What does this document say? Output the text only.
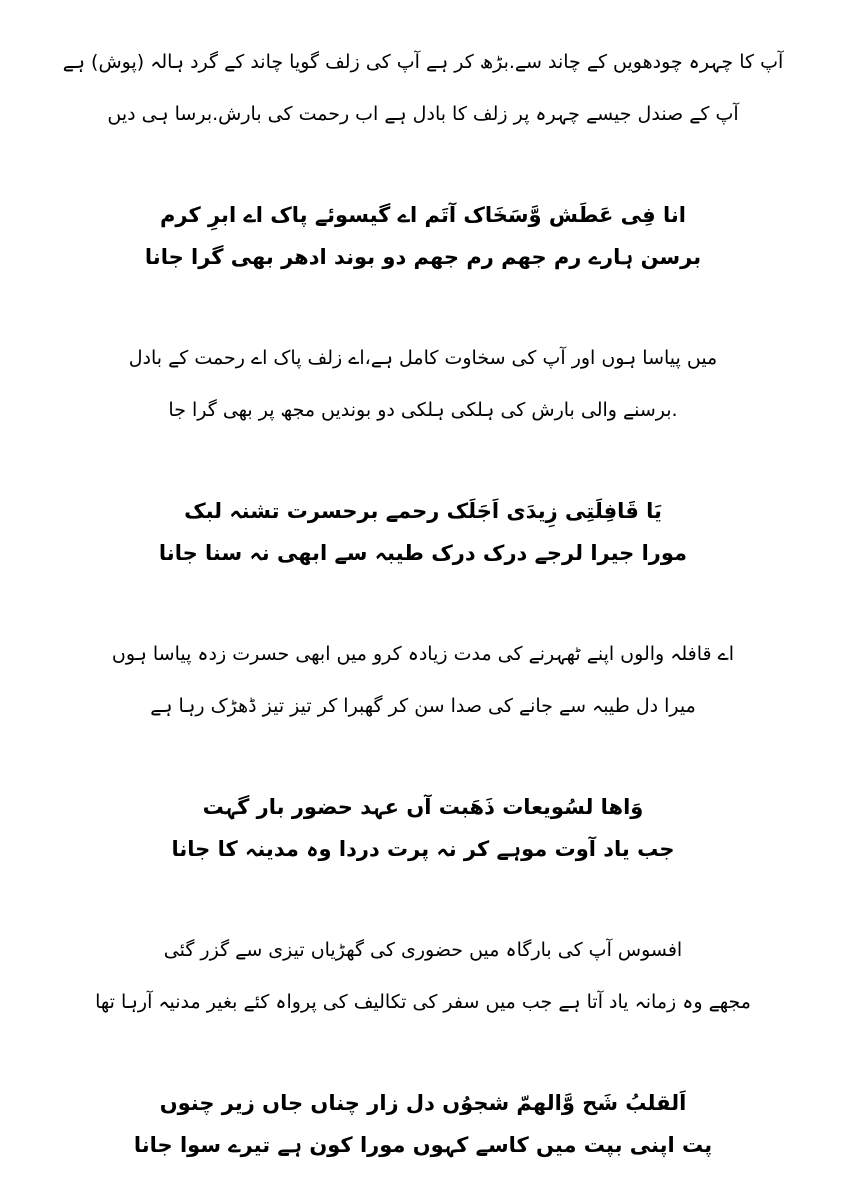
آپ کا چہرہ چودھویں کے چاند سے.بڑھ کر ہے آپ کی زلف گویا چاند کے گرد ہالہ (پوش) ہے
آپ کے صندل جیسے چہرہ پر زلف کا بادل ہے اب رحمت کی بارش.برسا ہی دیں
انا فِی عَطَش وَّسَخَاک آتَم اے گیسوئے پاک اے ابرِ کرم
برسن ہارے رم جھم رم جھم دو بوند ادھر بھی گرا جانا
میں پیاسا ہوں اور آپ کی سخاوت کامل ہے،اے زلف پاک اے رحمت کے بادل
.برسنے والی بارش کی ہلکی ہلکی دو بوندیں مجھ پر بھی گرا جا
یَا قَافِلَتِی زِیدَی اَجَلَک رحمے برحسرت تشنہ لبک
مورا جیرا لرجے درک درک طیبہ سے ابھی نہ سنا جانا
اے قافلہ والوں اپنے ٹھہرنے کی مدت زیادہ کرو میں ابھی حسرت زدہ پیاسا ہوں
میرا دل طیبہ سے جانے کی صدا سن کر گھبرا کر تیز تیز ڈھڑک رہا ہے
وَاھا لسُویعات ذَھَبت آں عہد حضور بار گہت
جب یاد آوت موہے کر نہ پرت دردا وہ مدینہ کا جانا
افسوس آپ کی بارگاہ میں حضوری کی گھڑیاں تیزی سے گزر گئی
مجھے وہ زمانہ یاد آتا ہے جب میں سفر کی تکالیف کی پرواہ کئے بغیر مدنیہ آرہا تھا
اَلقلبُ شَح وَّالھمّ شجوُں دل زار چناں جاں زیر چنوں
پت اپنی بپت میں کاسے کہوں مورا کون ہے تیرے سوا جانا
